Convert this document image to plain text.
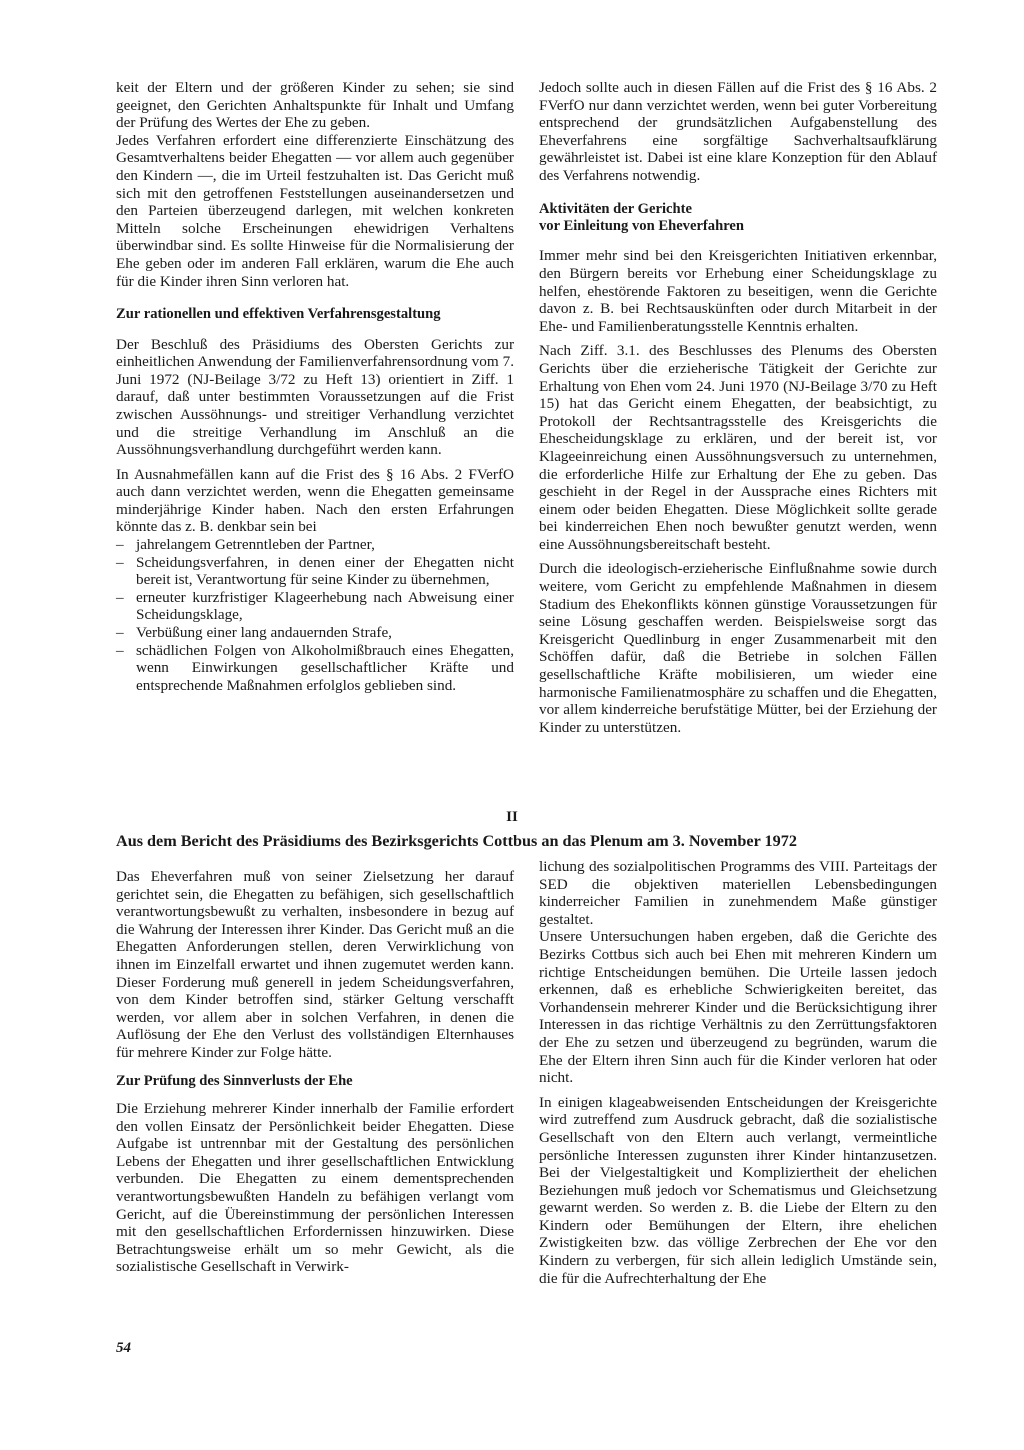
keit der Eltern und der größeren Kinder zu sehen; sie sind geeignet, den Gerichten Anhaltspunkte für Inhalt und Umfang der Prüfung des Wertes der Ehe zu geben.

Jedes Verfahren erfordert eine differenzierte Einschätzung des Gesamtverhaltens beider Ehegatten — vor allem auch gegenüber den Kindern —, die im Urteil festzuhalten ist. Das Gericht muß sich mit den getroffenen Feststellungen auseinandersetzen und den Parteien überzeugend darlegen, mit welchen konkreten Mitteln solche Erscheinungen ehewidrigen Verhaltens überwindbar sind. Es sollte Hinweise für die Normalisierung der Ehe geben oder im anderen Fall erklären, warum die Ehe auch für die Kinder ihren Sinn verloren hat.

Zur rationellen und effektiven Verfahrensgestaltung

Der Beschluß des Präsidiums des Obersten Gerichts zur einheitlichen Anwendung der Familienverfahrensordnung vom 7. Juni 1972 (NJ-Beilage 3/72 zu Heft 13) orientiert in Ziff. 1 darauf, daß unter bestimmten Voraussetzungen auf die Frist zwischen Aussöhnungs- und streitiger Verhandlung verzichtet und die streitige Verhandlung im Anschluß an die Aussöhnungsverhandlung durchgeführt werden kann.

In Ausnahmefällen kann auf die Frist des § 16 Abs. 2 FVerfO auch dann verzichtet werden, wenn die Ehegatten gemeinsame minderjährige Kinder haben. Nach den ersten Erfahrungen könnte das z. B. denkbar sein bei

– jahrelangem Getrenntleben der Partner,
– Scheidungsverfahren, in denen einer der Ehegatten nicht bereit ist, Verantwortung für seine Kinder zu übernehmen,
– erneuter kurzfristiger Klageerhebung nach Abweisung einer Scheidungsklage,
– Verbüßung einer lang andauernden Strafe,
– schädlichen Folgen von Alkoholmißbrauch eines Ehegatten, wenn Einwirkungen gesellschaftlicher Kräfte und entsprechende Maßnahmen erfolglos geblieben sind.

Jedoch sollte auch in diesen Fällen auf die Frist des § 16 Abs. 2 FVerfO nur dann verzichtet werden, wenn bei guter Vorbereitung entsprechend der grundsätzlichen Aufgabenstellung des Eheverfahrens eine sorgfältige Sachverhaltsaufklärung gewährleistet ist. Dabei ist eine klare Konzeption für den Ablauf des Verfahrens notwendig.

Aktivitäten der Gerichte
vor Einleitung von Eheverfahren

Immer mehr sind bei den Kreisgerichten Initiativen erkennbar, den Bürgern bereits vor Erhebung einer Scheidungsklage zu helfen, ehestörende Faktoren zu beseitigen, wenn die Gerichte davon z. B. bei Rechtsauskünften oder durch Mitarbeit in der Ehe- und Familienberatungsstelle Kenntnis erhalten.

Nach Ziff. 3.1. des Beschlusses des Plenums des Obersten Gerichts über die erzieherische Tätigkeit der Gerichte zur Erhaltung von Ehen vom 24. Juni 1970 (NJ-Beilage 3/70 zu Heft 15) hat das Gericht einem Ehegatten, der beabsichtigt, zu Protokoll der Rechtsantragsstelle des Kreisgerichts die Ehescheidungsklage zu erklären, und der bereit ist, vor Klageeinreichung einen Aussöhnungsversuch zu unternehmen, die erforderliche Hilfe zur Erhaltung der Ehe zu geben. Das geschieht in der Regel in der Aussprache eines Richters mit einem oder beiden Ehegatten. Diese Möglichkeit sollte gerade bei kinderreichen Ehen noch bewußter genutzt werden, wenn eine Aussöhnungsbereitschaft besteht.

Durch die ideologisch-erzieherische Einflußnahme sowie durch weitere, vom Gericht zu empfehlende Maßnahmen in diesem Stadium des Ehekonflikts können günstige Voraussetzungen für seine Lösung geschaffen werden. Beispielsweise sorgt das Kreisgericht Quedlinburg in enger Zusammenarbeit mit den Schöffen dafür, daß die Betriebe in solchen Fällen gesellschaftliche Kräfte mobilisieren, um wieder eine harmonische Familienatmosphäre zu schaffen und die Ehegatten, vor allem kinderreiche berufstätige Mütter, bei der Erziehung der Kinder zu unterstützen.

II
Aus dem Bericht des Präsidiums des Bezirksgerichts Cottbus an das Plenum am 3. November 1972

Das Eheverfahren muß von seiner Zielsetzung her darauf gerichtet sein, die Ehegatten zu befähigen, sich gesellschaftlich verantwortungsbewußt zu verhalten, insbesondere in bezug auf die Wahrung der Interessen ihrer Kinder. Das Gericht muß an die Ehegatten Anforderungen stellen, deren Verwirklichung von ihnen im Einzelfall erwartet und ihnen zugemutet werden kann. Dieser Forderung muß generell in jedem Scheidungsverfahren, von dem Kinder betroffen sind, stärker Geltung verschafft werden, vor allem aber in solchen Verfahren, in denen die Auflösung der Ehe den Verlust des vollständigen Elternhauses für mehrere Kinder zur Folge hätte.

Zur Prüfung des Sinnverlusts der Ehe

Die Erziehung mehrerer Kinder innerhalb der Familie erfordert den vollen Einsatz der Persönlichkeit beider Ehegatten. Diese Aufgabe ist untrennbar mit der Gestaltung des persönlichen Lebens der Ehegatten und ihrer gesellschaftlichen Entwicklung verbunden. Die Ehegatten zu einem dementsprechenden verantwortungsbewußten Handeln zu befähigen verlangt vom Gericht, auf die Übereinstimmung der persönlichen Interessen mit den gesellschaftlichen Erfordernissen hinzuwirken. Diese Betrachtungsweise erhält um so mehr Gewicht, als die sozialistische Gesellschaft in Verwirk-

lichung des sozialpolitischen Programms des VIII. Parteitags der SED die objektiven materiellen Lebensbedingungen kinderreicher Familien in zunehmendem Maße günstiger gestaltet.

Unsere Untersuchungen haben ergeben, daß die Gerichte des Bezirks Cottbus sich auch bei Ehen mit mehreren Kindern um richtige Entscheidungen bemühen. Die Urteile lassen jedoch erkennen, daß es erhebliche Schwierigkeiten bereitet, das Vorhandensein mehrerer Kinder und die Berücksichtigung ihrer Interessen in das richtige Verhältnis zu den Zerrüttungsfaktoren der Ehe zu setzen und überzeugend zu begründen, warum die Ehe der Eltern ihren Sinn auch für die Kinder verloren hat oder nicht.

In einigen klageabweisenden Entscheidungen der Kreisgerichte wird zutreffend zum Ausdruck gebracht, daß die sozialistische Gesellschaft von den Eltern auch verlangt, vermeintliche persönliche Interessen zugunsten ihrer Kinder hintanzusetzen. Bei der Vielgestaltigkeit und Kompliziertheit der ehelichen Beziehungen muß jedoch vor Schematismus und Gleichsetzung gewarnt werden. So werden z. B. die Liebe der Eltern zu den Kindern oder Bemühungen der Eltern, ihre ehelichen Zwistigkeiten bzw. das völlige Zerbrechen der Ehe vor den Kindern zu verbergen, für sich allein lediglich Umstände sein, die für die Aufrechterhaltung der Ehe

54
